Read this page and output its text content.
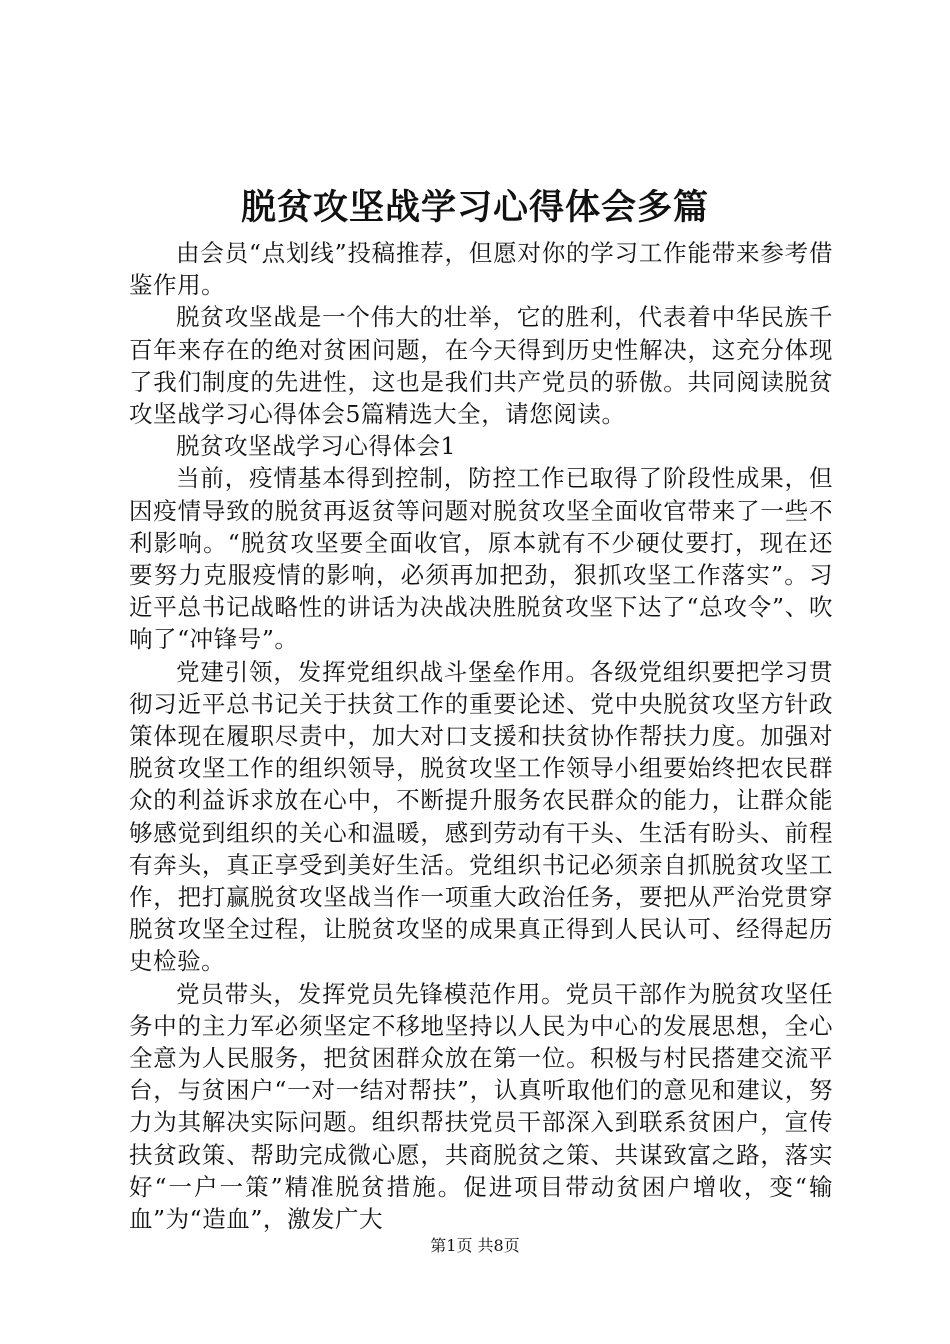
脱贫攻坚战学习心得体会多篇

由会员“点划线”投稿推荐，但愿对你的学习工作能带来参考借鉴作用。

脱贫攻坚战是一个伟大的壮举，它的胜利，代表着中华民族千百年来存在的绝对贫困问题，在今天得到历史性解决，这充分体现了我们制度的先进性，这也是我们共产党员的骄傲。共同阅读脱贫攻坚战学习心得体会5篇精选大全，请您阅读。

脱贫攻坚战学习心得体会1

当前，疫情基本得到控制，防控工作已取得了阶段性成果，但因疫情导致的脱贫再返贫等问题对脱贫攻坚全面收官带来了一些不利影响。“脱贫攻坚要全面收官，原本就有不少硬仗要打，现在还要努力克服疫情的影响，必须再加把劲，狠抓攻坚工作落实”。习近平总书记战略性的讲话为决战决胜脱贫攻坚下达了“总攻令”、吹响了“冲锋号”。

党建引领，发挥党组织战斗堡垒作用。各级党组织要把学习贯彻习近平总书记关于扶贫工作的重要论述、党中央脱贫攻坚方针政策体现在履职尽责中，加大对口支援和扶贫协作帮扶力度。加强对脱贫攻坚工作的组织领导，脱贫攻坚工作领导小组要始终把农民群众的利益诉求放在心中，不断提升服务农民群众的能力，让群众能够感觉到组织的关心和温暖，感到劳动有干头、生活有盼头、前程有奔头，真正享受到美好生活。党组织书记必须亲自抓脱贫攻坚工作，把打赢脱贫攻坚战当作一项重大政治任务，要把从严治党贯穿脱贫攻坚全过程，让脱贫攻坚的成果真正得到人民认可、经得起历史检验。

党员带头，发挥党员先锋模范作用。党员干部作为脱贫攻坚任务中的主力军必须坚定不移地坚持以人民为中心的发展思想，全心全意为人民服务，把贫困群众放在第一位。积极与村民搭建交流平台，与贫困户“一对一结对帮扶”，认真听取他们的意见和建议，努力为其解决实际问题。组织帮扶党员干部深入到联系贫困户，宣传扶贫政策、帮助完成微心愿，共商脱贫之策、共谋致富之路，落实好“一户一策”精准脱贫措施。促进项目带动贫困户增收，变“输血”为“造血”，激发广大

第1页 共8页
